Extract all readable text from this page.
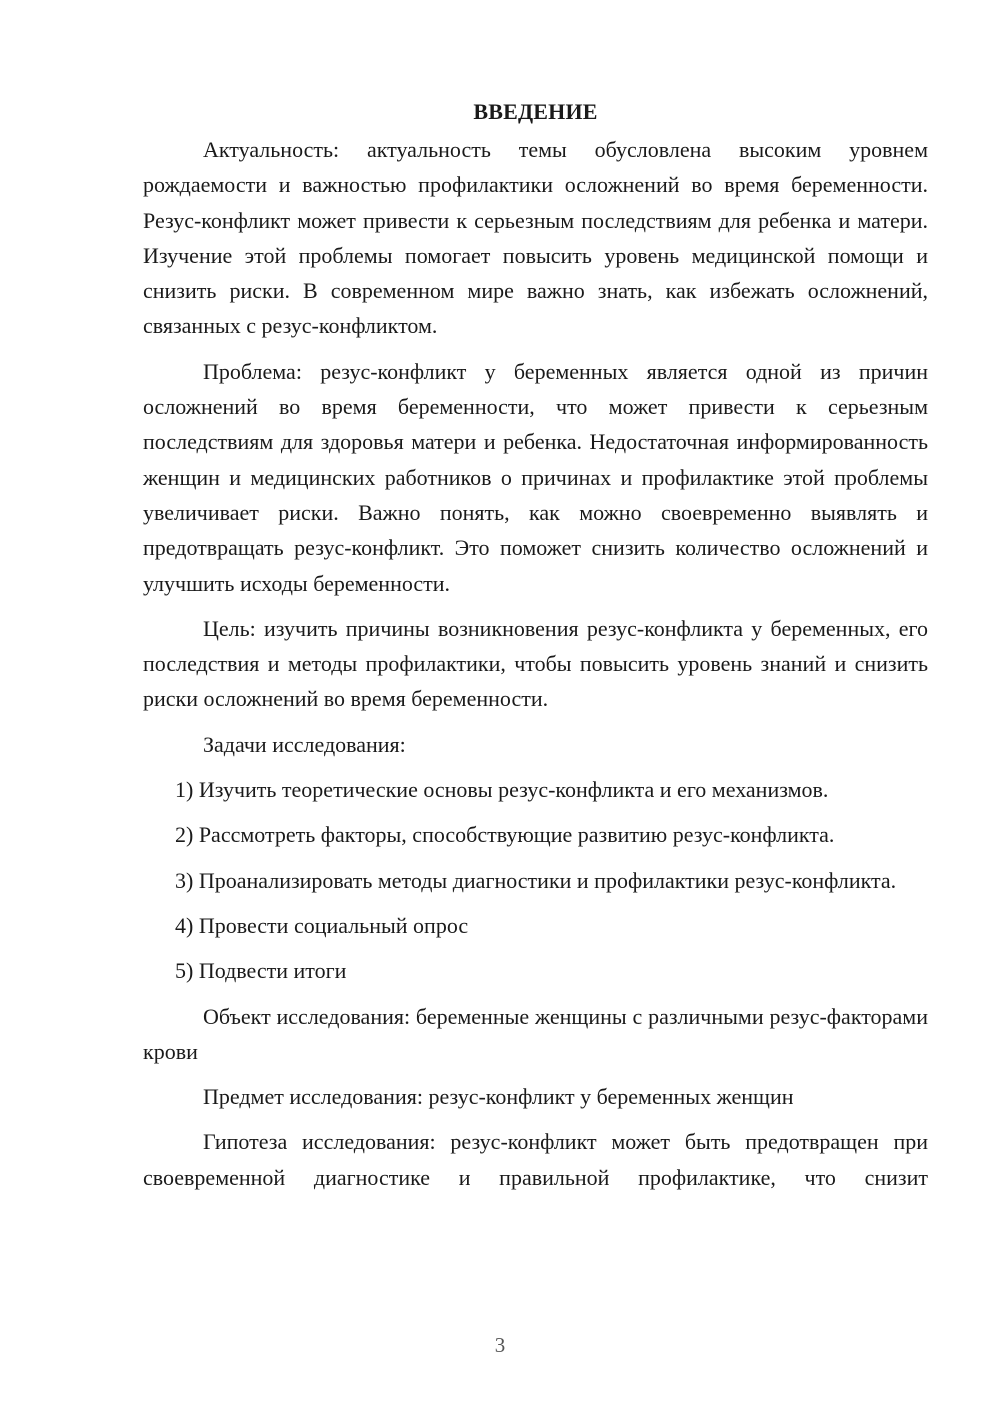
ВВЕДЕНИЕ

Актуальность: актуальность темы обусловлена высоким уровнем рождаемости и важностью профилактики осложнений во время беременности. Резус-конфликт может привести к серьезным последствиям для ребенка и матери. Изучение этой проблемы помогает повысить уровень медицинской помощи и снизить риски. В современном мире важно знать, как избежать осложнений, связанных с резус-конфликтом.

Проблема: резус-конфликт у беременных является одной из причин осложнений во время беременности, что может привести к серьезным последствиям для здоровья матери и ребенка. Недостаточная информированность женщин и медицинских работников о причинах и профилактике этой проблемы увеличивает риски. Важно понять, как можно своевременно выявлять и предотвращать резус-конфликт. Это поможет снизить количество осложнений и улучшить исходы беременности.

Цель: изучить причины возникновения резус-конфликта у беременных, его последствия и методы профилактики, чтобы повысить уровень знаний и снизить риски осложнений во время беременности.

Задачи исследования:

1) Изучить теоретические основы резус-конфликта и его механизмов.

2) Рассмотреть факторы, способствующие развитию резус-конфликта.

3) Проанализировать методы диагностики и профилактики резус-конфликта.

4) Провести социальный опрос

5) Подвести итоги

Объект исследования: беременные женщины с различными резус-факторами крови

Предмет исследования: резус-конфликт у беременных женщин

Гипотеза исследования: резус-конфликт может быть предотвращен при своевременной диагностике и правильной профилактике, что снизит

3
